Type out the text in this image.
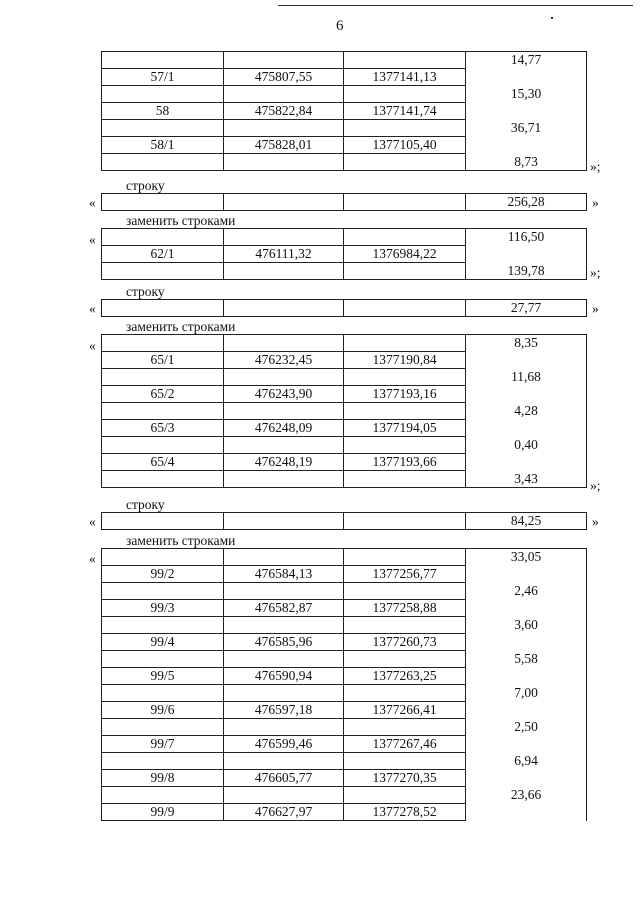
6
			14,77
57/1	475807,55	1377141,13	
			15,30
58	475822,84	1377141,74	
			36,71
58/1	475828,01	1377105,40	
			8,73	»;
строку
«
				256,28	»
заменить строками
«
				116,50
62/1	476111,32	1376984,22	
			139,78	»;
строку
«
				27,77	»
заменить строками
«
				8,35
65/1	476232,45	1377190,84	
			11,68
65/2	476243,90	1377193,16	
			4,28
65/3	476248,09	1377194,05	
			0,40
65/4	476248,19	1377193,66	
			3,43	»;
строку
«
				84,25	»
заменить строками
«
				33,05
99/2	476584,13	1377256,77	
			2,46
99/3	476582,87	1377258,88	
			3,60
99/4	476585,96	1377260,73	
			5,58
99/5	476590,94	1377263,25	
			7,00
99/6	476597,18	1377266,41	
			2,50
99/7	476599,46	1377267,46	
			6,94
99/8	476605,77	1377270,35	
			23,66
99/9	476627,97	1377278,52	
